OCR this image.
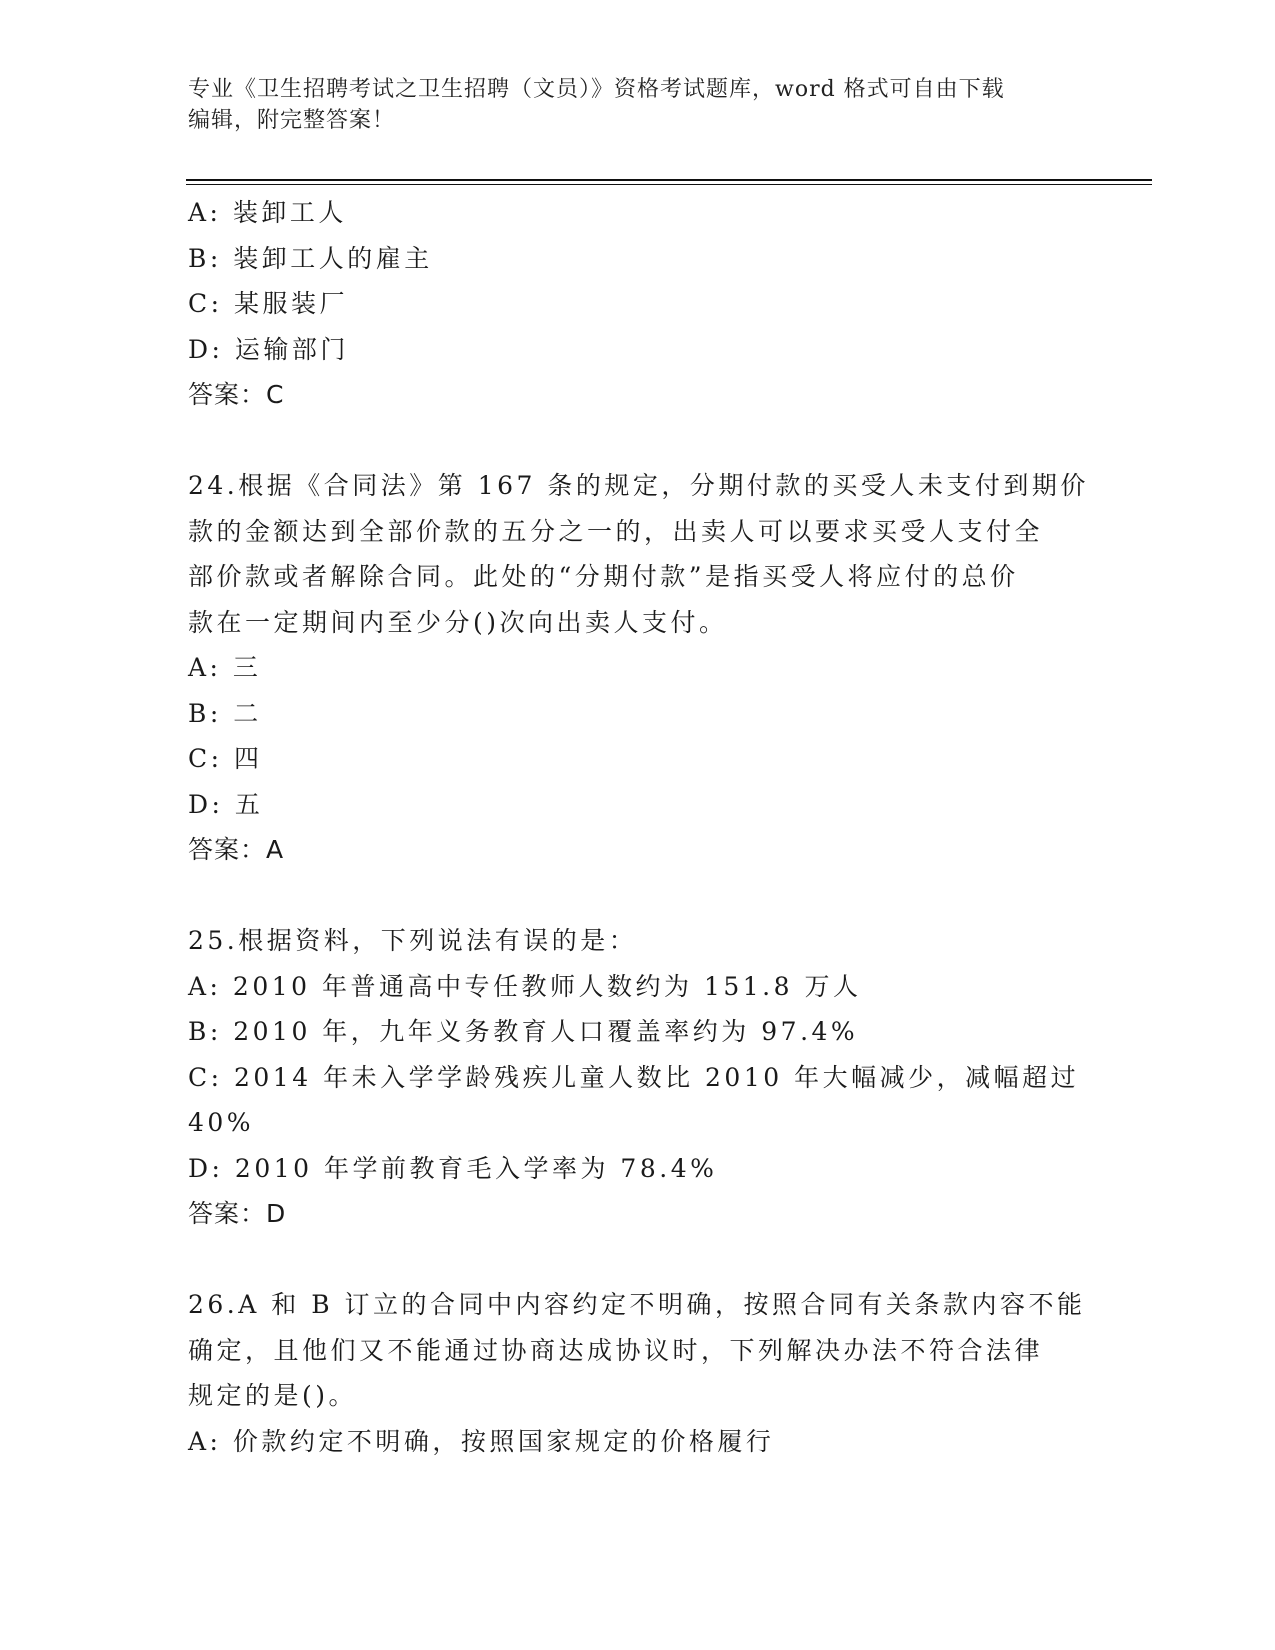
专业《卫生招聘考试之卫生招聘（文员）》资格考试题库，word 格式可自由下载
编辑，附完整答案！
A: 装卸工人
B: 装卸工人的雇主
C: 某服装厂
D: 运输部门
答案：C
24.根据《合同法》第 167 条的规定，分期付款的买受人未支付到期价
款的金额达到全部价款的五分之一的，出卖人可以要求买受人支付全
部价款或者解除合同。此处的“分期付款”是指买受人将应付的总价
款在一定期间内至少分()次向出卖人支付。
A: 三
B: 二
C: 四
D: 五
答案：A
25.根据资料，下列说法有误的是：
A: 2010 年普通高中专任教师人数约为 151.8 万人
B: 2010 年，九年义务教育人口覆盖率约为 97.4%
C: 2014 年未入学学龄残疾儿童人数比 2010 年大幅减少，减幅超过
40%
D: 2010 年学前教育毛入学率为 78.4%
答案：D
26.A 和 B 订立的合同中内容约定不明确，按照合同有关条款内容不能
确定，且他们又不能通过协商达成协议时，下列解决办法不符合法律
规定的是()。
A: 价款约定不明确，按照国家规定的价格履行
